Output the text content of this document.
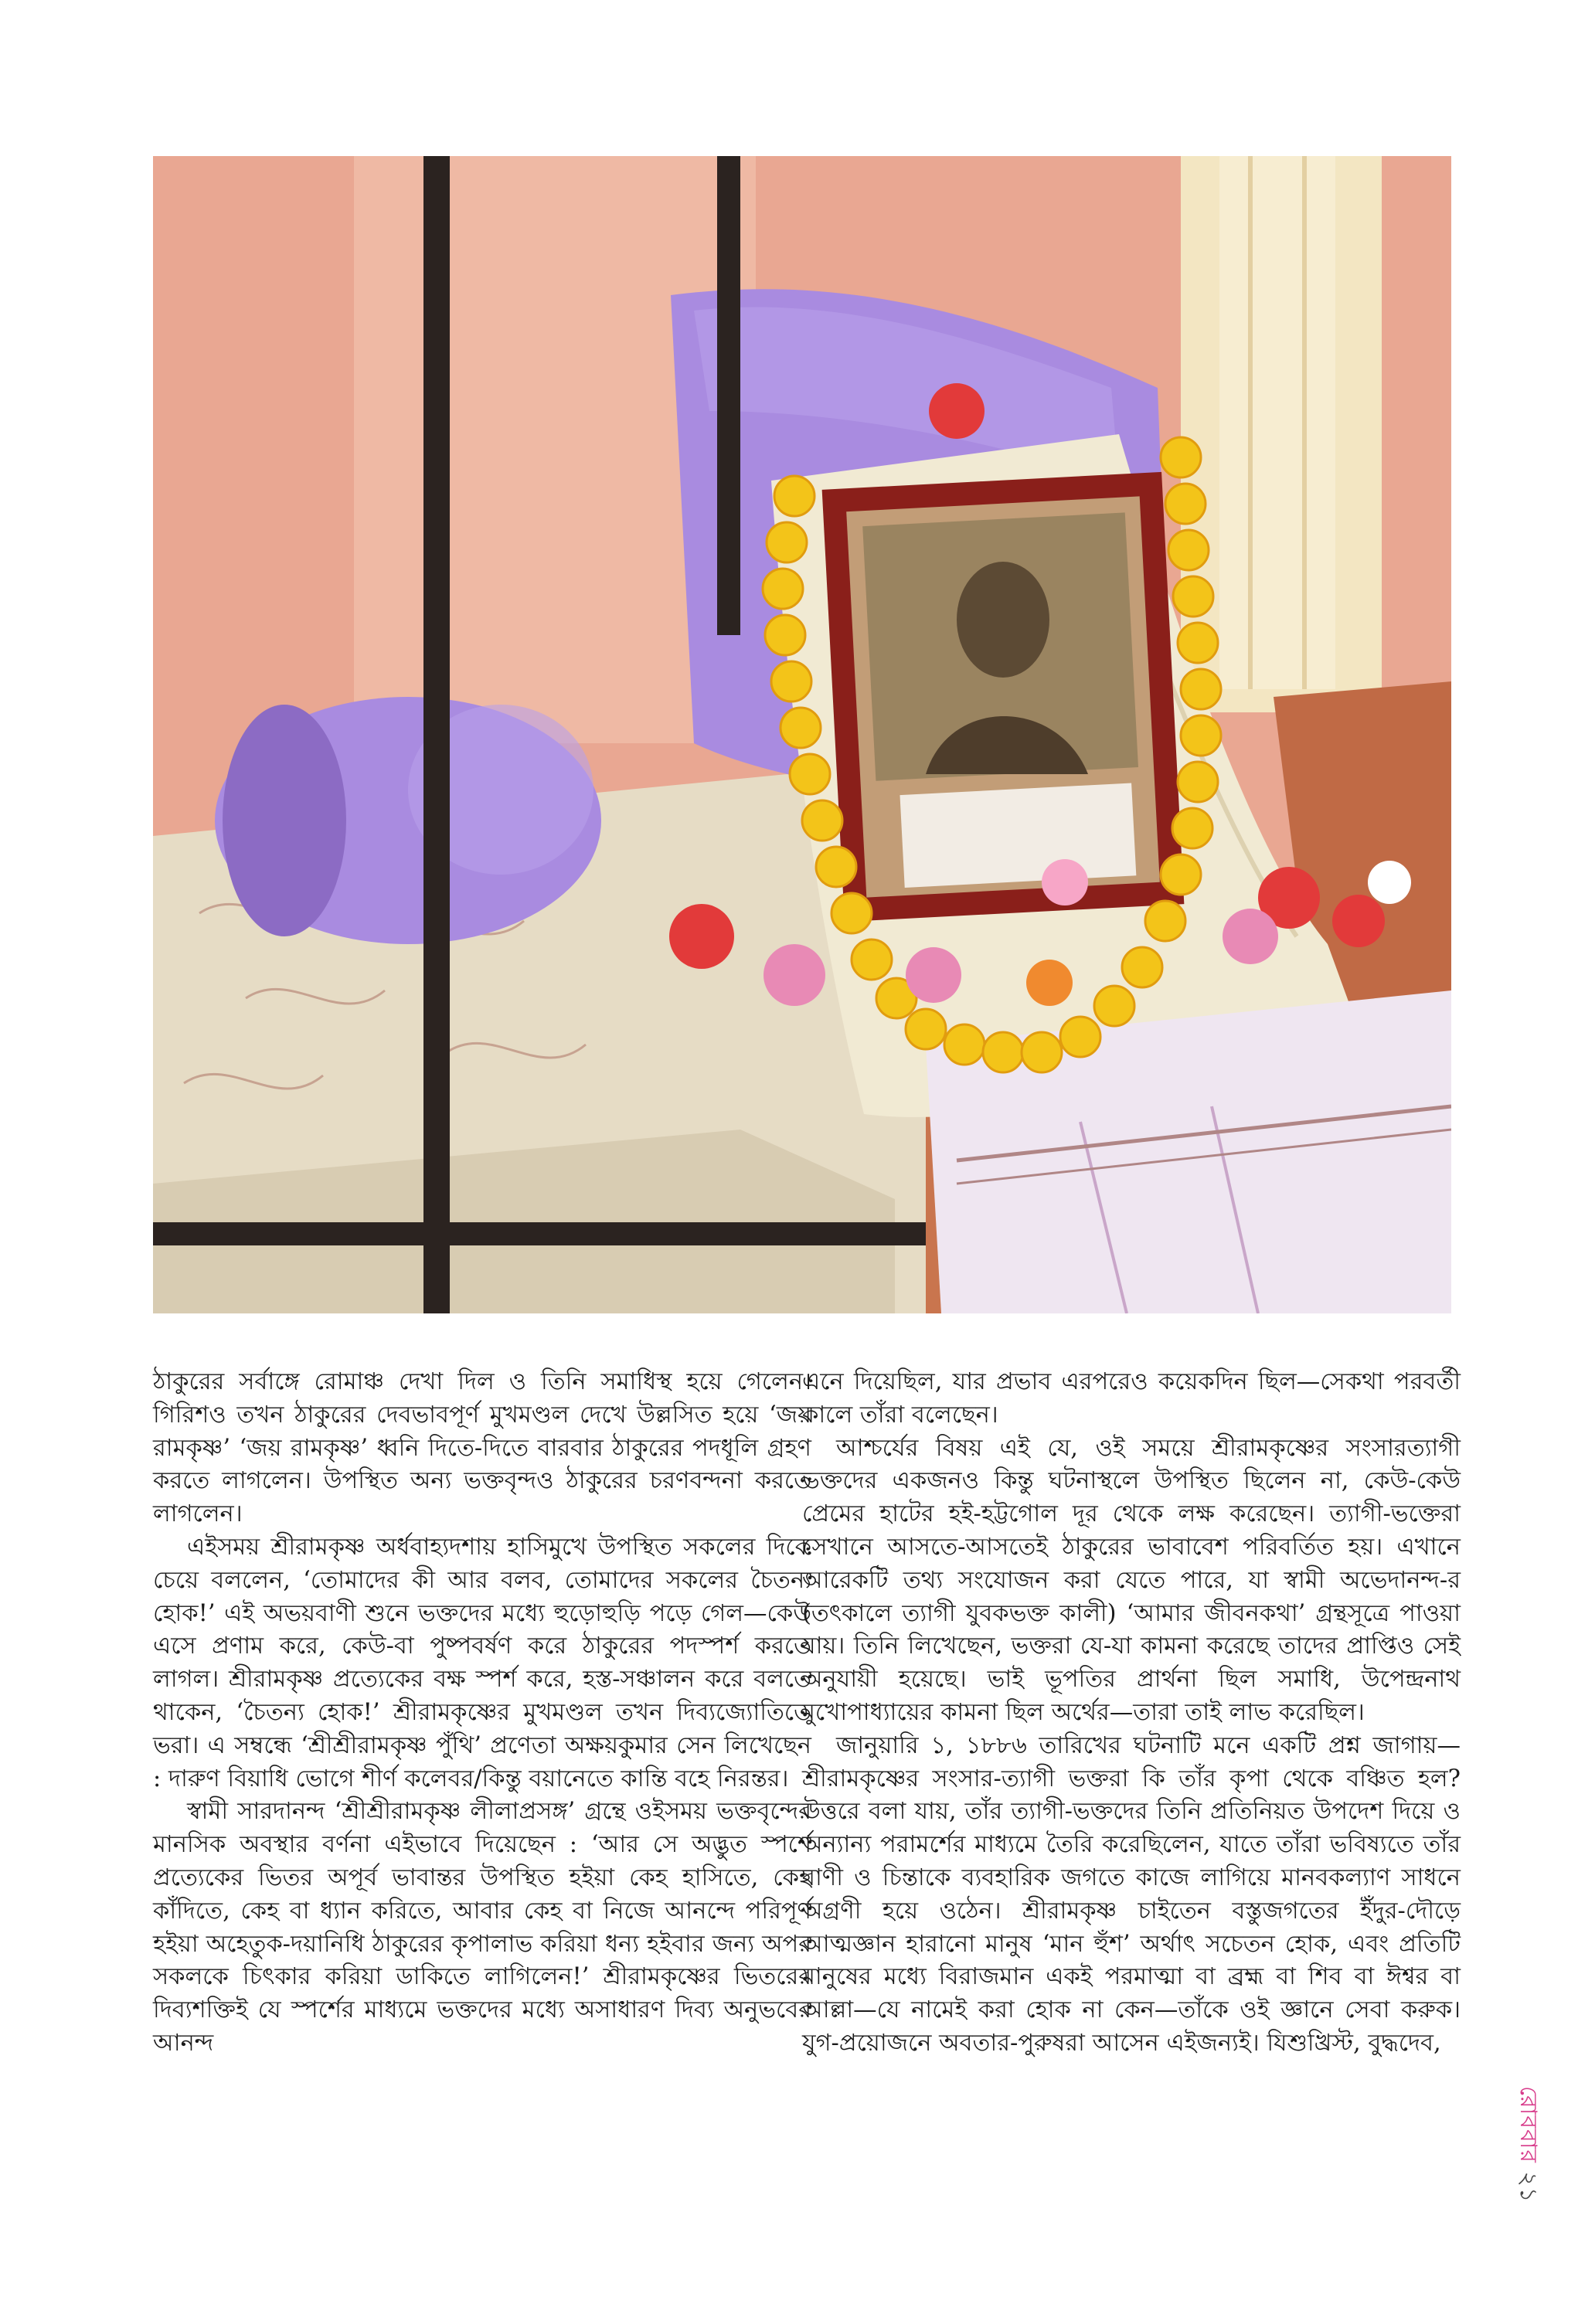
ঠাকুরের সর্বাঙ্গে রোমাঞ্চ দেখা দিল ও তিনি সমাধিস্থ হয়ে গেলেন। গিরিশও তখন ঠাকুরের দেবভাবপূর্ণ মুখমণ্ডল দেখে উল্লসিত হয়ে ‘জয় রামকৃষ্ণ’ ‘জয় রামকৃষ্ণ’ ধ্বনি দিতে-দিতে বারবার ঠাকুরের পদধূলি গ্রহণ করতে লাগলেন। উপস্থিত অন্য ভক্তবৃন্দও ঠাকুরের চরণবন্দনা করতে লাগলেন।

এইসময় শ্রীরামকৃষ্ণ অর্ধবাহ্যদশায় হাসিমুখে উপস্থিত সকলের দিকে চেয়ে বললেন, ‘তোমাদের কী আর বলব, তোমাদের সকলের চৈতন্য হোক!’ এই অভয়বাণী শুনে ভক্তদের মধ্যে হুড়োহুড়ি পড়ে গেল—কেউ এসে প্রণাম করে, কেউ-বা পুষ্পবর্ষণ করে ঠাকুরের পদস্পর্শ করতে লাগল। শ্রীরামকৃষ্ণ প্রত্যেকের বক্ষ স্পর্শ করে, হস্ত-সঞ্চালন করে বলতে থাকেন, ‘চৈতন্য হোক!’ শ্রীরামকৃষ্ণের মুখমণ্ডল তখন দিব্যজ্যোতিতে ভরা। এ সম্বন্ধে ‘শ্রীশ্রীরামকৃষ্ণ পুঁথি’ প্রণেতা অক্ষয়কুমার সেন লিখেছেন : দারুণ বিয়াধি ভোগে শীর্ণ কলেবর/কিন্তু বয়ানেতে কান্তি বহে নিরন্তর।

স্বামী সারদানন্দ ‘শ্রীশ্রীরামকৃষ্ণ লীলাপ্রসঙ্গ’ গ্রন্থে ওইসময় ভক্তবৃন্দের মানসিক অবস্থার বর্ণনা এইভাবে দিয়েছেন : ‘আর সে অদ্ভুত স্পর্শে প্রত্যেকের ভিতর অপূর্ব ভাবান্তর উপস্থিত হইয়া কেহ হাসিতে, কেহ কাঁদিতে, কেহ বা ধ্যান করিতে, আবার কেহ বা নিজে আনন্দে পরিপূর্ণ হইয়া অহেতুক-দয়ানিধি ঠাকুরের কৃপালাভ করিয়া ধন্য হইবার জন্য অপর সকলকে চিৎকার করিয়া ডাকিতে লাগিলেন!’ শ্রীরামকৃষ্ণের ভিতরের দিব্যশক্তিই যে স্পর্শের মাধ্যমে ভক্তদের মধ্যে অসাধারণ দিব্য অনুভবের আনন্দ

এনে দিয়েছিল, যার প্রভাব এরপরেও কয়েকদিন ছিল—সেকথা পরবর্তী কালে তাঁরা বলেছেন।

আশ্চর্যের বিষয় এই যে, ওই সময়ে শ্রীরামকৃষ্ণের সংসারত্যাগী ভক্তদের একজনও কিন্তু ঘটনাস্থলে উপস্থিত ছিলেন না, কেউ-কেউ প্রেমের হাটের হই-হট্টগোল দূর থেকে লক্ষ করেছেন। ত্যাগী-ভক্তেরা সেখানে আসতে-আসতেই ঠাকুরের ভাবাবেশ পরিবর্তিত হয়। এখানে আরেকটি তথ্য সংযোজন করা যেতে পারে, যা স্বামী অভেদানন্দ-র (তৎকালে ত্যাগী যুবকভক্ত কালী) ‘আমার জীবনকথা’ গ্রন্থসূত্রে পাওয়া যায়। তিনি লিখেছেন, ভক্তরা যে-যা কামনা করেছে তাদের প্রাপ্তিও সেই অনুযায়ী হয়েছে। ভাই ভূপতির প্রার্থনা ছিল সমাধি, উপেন্দ্রনাথ মুখোপাধ্যায়ের কামনা ছিল অর্থের—তারা তাই লাভ করেছিল।

জানুয়ারি ১, ১৮৮৬ তারিখের ঘটনাটি মনে একটি প্রশ্ন জাগায়—শ্রীরামকৃষ্ণের সংসার-ত্যাগী ভক্তরা কি তাঁর কৃপা থেকে বঞ্চিত হল? উত্তরে বলা যায়, তাঁর ত্যাগী-ভক্তদের তিনি প্রতিনিয়ত উপদেশ দিয়ে ও অন্যান্য পরামর্শের মাধ্যমে তৈরি করেছিলেন, যাতে তাঁরা ভবিষ্যতে তাঁর বাণী ও চিন্তাকে ব্যবহারিক জগতে কাজে লাগিয়ে মানবকল্যাণ সাধনে অগ্রণী হয়ে ওঠেন। শ্রীরামকৃষ্ণ চাইতেন বস্তুজগতের ইঁদুর-দৌড়ে আত্মজ্ঞান হারানো মানুষ ‘মান হুঁশ’ অর্থাৎ সচেতন হোক, এবং প্রতিটি মানুষের মধ্যে বিরাজমান একই পরমাত্মা বা ব্রহ্ম বা শিব বা ঈশ্বর বা আল্লা—যে নামেই করা হোক না কেন—তাঁকে ওই জ্ঞানে সেবা করুক। যুগ-প্রয়োজনে অবতার-পুরুষরা আসেন এইজন্যই। যিশুখ্রিস্ট, বুদ্ধদেব,

রোববার ২১
